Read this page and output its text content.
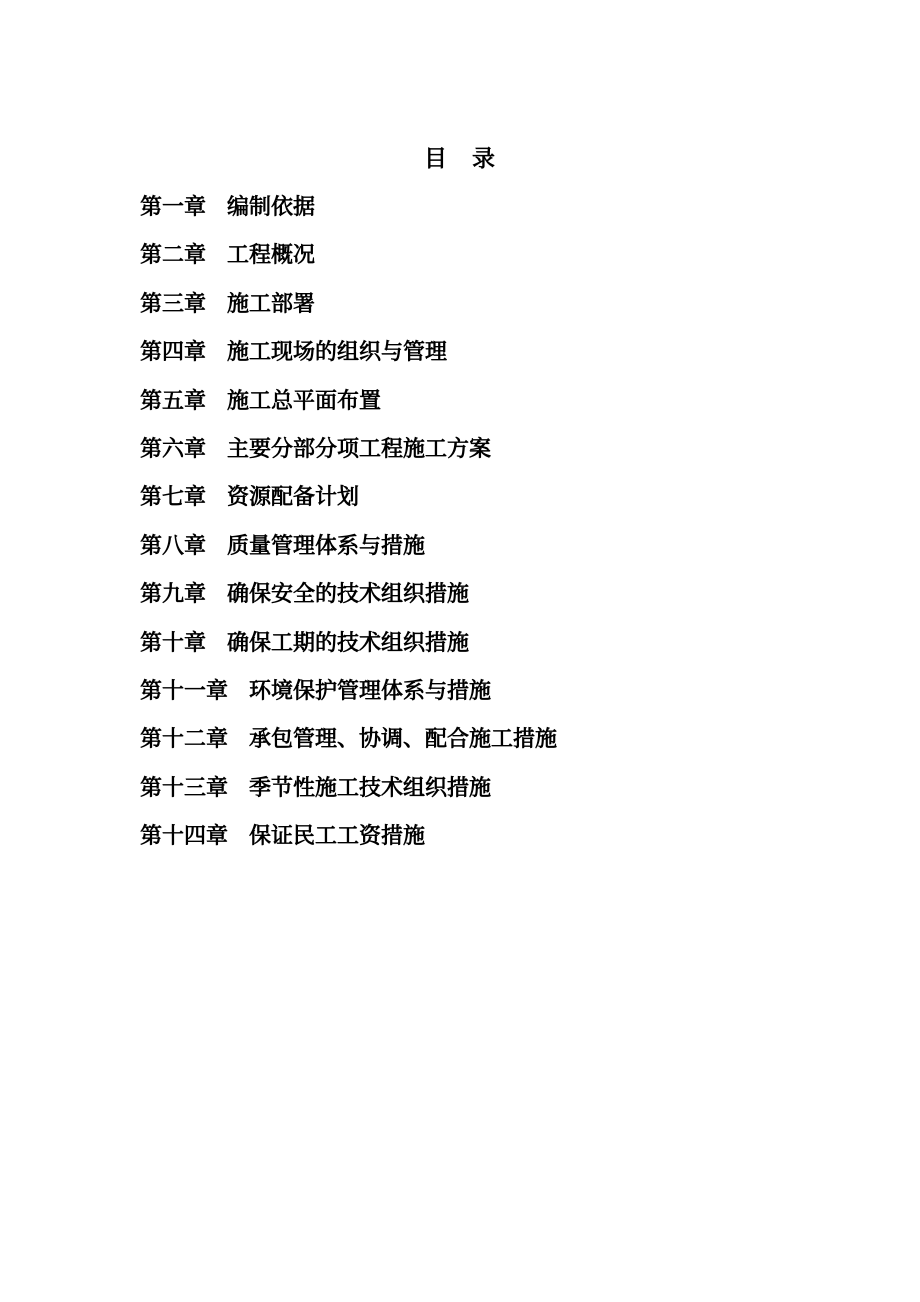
目　录
第一章 编制依据
第二章 工程概况
第三章 施工部署
第四章 施工现场的组织与管理
第五章 施工总平面布置
第六章 主要分部分项工程施工方案
第七章 资源配备计划
第八章 质量管理体系与措施
第九章 确保安全的技术组织措施
第十章 确保工期的技术组织措施
第十一章 环境保护管理体系与措施
第十二章 承包管理、协调、配合施工措施
第十三章 季节性施工技术组织措施
第十四章 保证民工工资措施
